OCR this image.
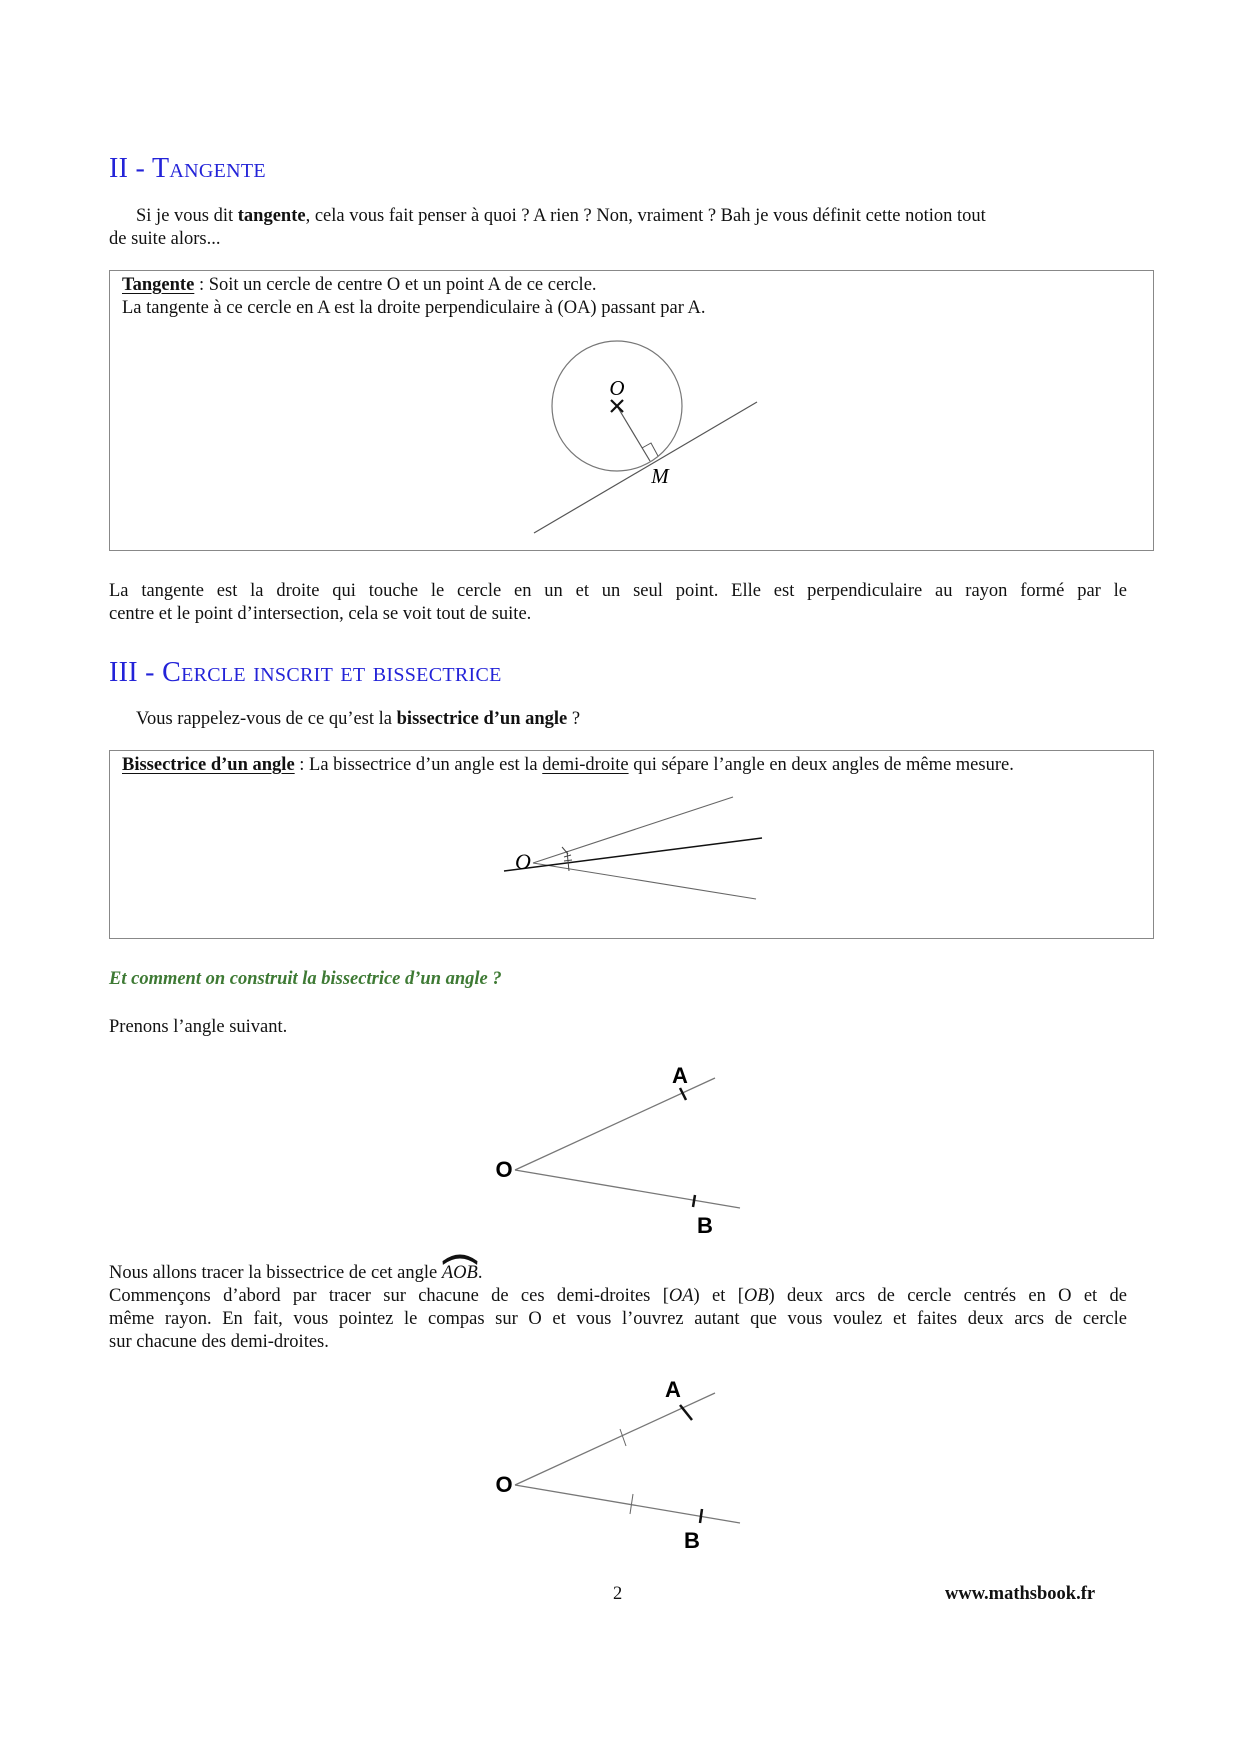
II - Tangente
Si je vous dit tangente, cela vous fait penser à quoi ? A rien ? Non, vraiment ? Bah je vous définit cette notion tout
de suite alors...
Tangente : Soit un cercle de centre O et un point A de ce cercle.
La tangente à ce cercle en A est la droite perpendiculaire à (OA) passant par A.
O
M
La tangente est la droite qui touche le cercle en un et un seul point. Elle est perpendiculaire au rayon formé par le
centre et le point d’intersection, cela se voit tout de suite.
III - Cercle inscrit et bissectrice
Vous rappelez-vous de ce qu’est la bissectrice d’un angle ?
Bissectrice d’un angle : La bissectrice d’un angle est la demi-droite qui sépare l’angle en deux angles de même mesure.
O
Et comment on construit la bissectrice d’un angle ?
Prenons l’angle suivant.
A
O
B
Nous allons tracer la bissectrice de cet angle
AOB.
Commençons d’abord par tracer sur chacune de ces demi-droites [OA) et [OB) deux arcs de cercle centrés en O et de
même rayon. En fait, vous pointez le compas sur O et vous l’ouvrez autant que vous voulez et faites deux arcs de cercle
sur chacune des demi-droites.
A
O
B
2	www.mathsbook.fr
